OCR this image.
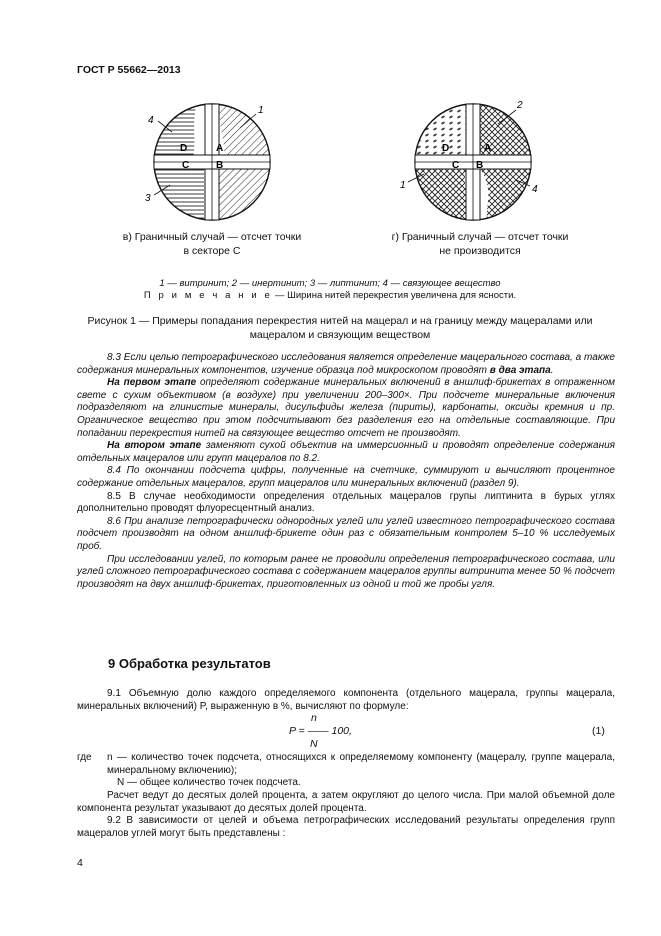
ГОСТ Р 55662—2013
D	A
C	B
4
1
3
D	A
C B
2
1	4
в) Граничный случай — отсчет точки
в секторе С
г) Граничный случай — отсчет точки
не производится
1 — витринит; 2 — инертинит; 3 — липтинит; 4 — связующее вещество
П р и м е ч а н и е — Ширина нитей перекрестия увеличена для ясности.
Рисунок 1 — Примеры попадания перекрестия нитей на мацерал и на границу между мацералами или
мацералом и связующим веществом

8.3 Если целью петрографического исследования является определение мацерального состава, а также содержания минеральных компонентов, изучение образца под микроскопом проводят в два этапа.

На первом этапе определяют содержание минеральных включений в аншлиф-брикетах в отраженном свете с сухим объективом (в воздухе) при увеличении 200–300×. При подсчете минеральные включения подразделяют на глинистые минералы, дисульфиды железа (пириты), карбонаты, оксиды кремния и пр. Органическое вещество при этом подсчитывают без разделения его на отдельные составляющие. При попадании перекрестия нитей на связующее вещество отсчет не производят.

На втором этапе заменяют сухой объектив на иммерсионный и проводят определение содержания отдельных мацералов или групп мацералов по 8.2.

8.4 По окончании подсчета цифры, полученные на счетчике, суммируют и вычисляют процентное содержание отдельных мацералов, групп мацералов или минеральных включений (раздел 9).

8.5 В случае необходимости определения отдельных мацералов групы липтинита в бурых углях дополнительно проводят флуоресцентный анализ.

8.6 При анализе петрографически однородных углей или углей известного петрографического состава подсчет производят на одном аншлиф-брикете один раз с обязательным контролем 5–10 % исследуемых проб.

При исследовании углей, по которым ранее не проводили определения петрографического состава, или углей сложного петрографического состава с содержанием мацералов группы витринита менее 50 % подсчет производят на двух аншлиф-брикетах, приготовленных из одной и той же пробы угля.

9 Обработка результатов

9.1 Объемную долю каждого определяемого компонента (отдельного мацерала, группы мацерала, минеральных включений) P, выраженную в %, вычисляют по формуле:

n
P = —— 100,
N
(1)
где n — количество точек подсчета, относящихся к определяемому компоненту (мацералу, группе мацерала, минеральному включению);

N — общее количество точек подсчета.

Расчет ведут до десятых долей процента, а затем округляют до целого числа. При малой объемной доле компонента результат указывают до десятых долей процента.

9.2 В зависимости от целей и объема петрографических исследований результаты определения групп мацералов углей могут быть представлены :

4
